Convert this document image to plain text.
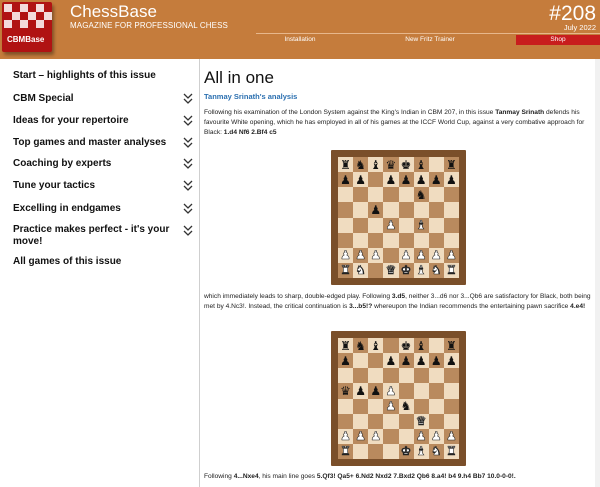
CBMBase
ChessBase
MAGAZINE FOR PROFESSIONAL CHESS
#208
July 2022
Installation	New Fritz Trainer	Shop
Start – highlights of this issue
CBM Special
Ideas for your repertoire
Top games and master analyses
Coaching by experts
Tune your tactics
Excelling in endgames
Practice makes perfect - it's your move!
All games of this issue
All in one
Tanmay Srinath's analysis
Following his examination of the London System against the King's Indian in CBM 207, in this issue Tanmay Srinath defends his favourite White opening, which he has employed in all of his games at the ICCF World Cup, against a very combative approach for Black: 1.d4 Nf6 2.Bf4 c5
♜ ♞ ♝ ♛ ♚ ♝ ♜
♟ ♟ ♟ ♟ ♟ ♟ ♟
♞
♟
♟ ♝
♟ ♟ ♟ ♟ ♟ ♟ ♟
♜ ♞ ♛ ♚ ♝ ♞ ♜
which immediately leads to sharp, double-edged play. Following 3.d5, neither 3...d6 nor 3...Qb6 are satisfactory for Black, both being met by 4.Nc3!. Instead, the critical continuation is 3...b5!? whereupon the Indian recommends the entertaining pawn sacrifice 4.e4!
♜ ♞ ♝ ♚ ♝ ♜
♟	♟ ♟ ♟ ♟ ♟
♛ ♟ ♟ ♟
♟ ♞
♛
♟ ♟ ♟	♟ ♟ ♟
♜	♚ ♝ ♞ ♜
Following 4...Nxe4, his main line goes 5.Qf3! Qa5+ 6.Nd2 Nxd2 7.Bxd2 Qb6 8.a4! b4 9.h4 Bb7 10.0-0-0!.
